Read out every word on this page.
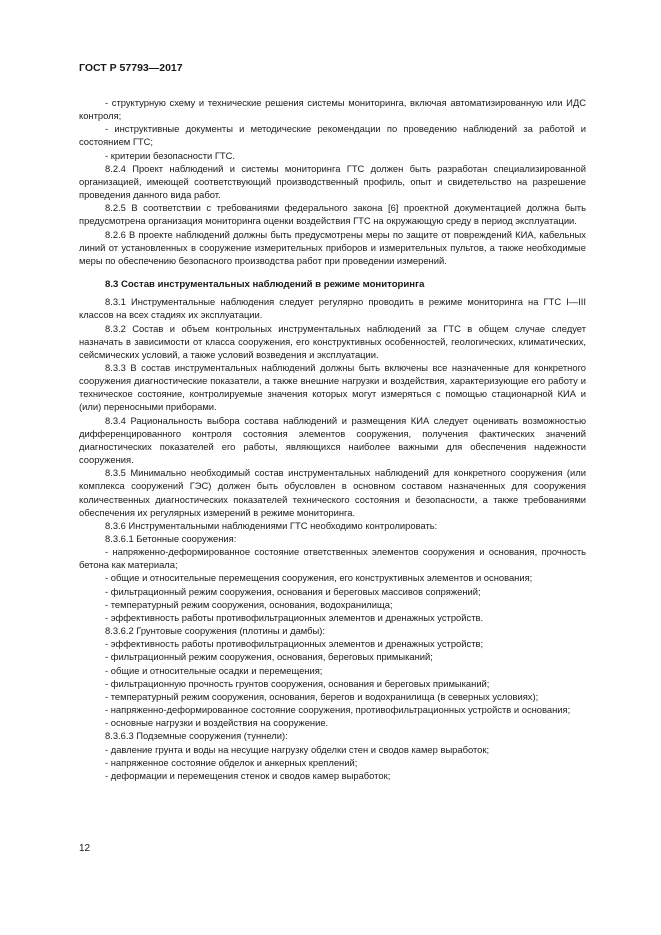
ГОСТ Р 57793—2017

- структурную схему и технические решения системы мониторинга, включая автоматизированную или ИДС контроля;

- инструктивные документы и методические рекомендации по проведению наблюдений за работой и состоянием ГТС;

- критерии безопасности ГТС.

8.2.4 Проект наблюдений и системы мониторинга ГТС должен быть разработан специализированной организацией, имеющей соответствующий производственный профиль, опыт и свидетельство на разрешение проведения данного вида работ.

8.2.5 В соответствии с требованиями федерального закона [6] проектной документацией должна быть предусмотрена организация мониторинга оценки воздействия ГТС на окружающую среду в период эксплуатации.

8.2.6 В проекте наблюдений должны быть предусмотрены меры по защите от повреждений КИА, кабельных линий от установленных в сооружение измерительных приборов и измерительных пультов, а также необходимые меры по обеспечению безопасного производства работ при проведении измерений.

8.3 Состав инструментальных наблюдений в режиме мониторинга

8.3.1 Инструментальные наблюдения следует регулярно проводить в режиме мониторинга на ГТС I—III классов на всех стадиях их эксплуатации.

8.3.2 Состав и объем контрольных инструментальных наблюдений за ГТС в общем случае следует назначать в зависимости от класса сооружения, его конструктивных особенностей, геологических, климатических, сейсмических условий, а также условий возведения и эксплуатации.

8.3.3 В состав инструментальных наблюдений должны быть включены все назначенные для конкретного сооружения диагностические показатели, а также внешние нагрузки и воздействия, характеризующие его работу и техническое состояние, контролируемые значения которых могут измеряться с помощью стационарной КИА и (или) переносными приборами.

8.3.4 Рациональность выбора состава наблюдений и размещения КИА следует оценивать возможностью дифференцированного контроля состояния элементов сооружения, получения фактических значений диагностических показателей его работы, являющихся наиболее важными для обеспечения надежности сооружения.

8.3.5 Минимально необходимый состав инструментальных наблюдений для конкретного сооружения (или комплекса сооружений ГЭС) должен быть обусловлен в основном составом назначенных для сооружения количественных диагностических показателей технического состояния и безопасности, а также требованиями обеспечения их регулярных измерений в режиме мониторинга.

8.3.6 Инструментальными наблюдениями ГТС необходимо контролировать:

8.3.6.1 Бетонные сооружения:

- напряженно-деформированное состояние ответственных элементов сооружения и основания, прочность бетона как материала;

- общие и относительные перемещения сооружения, его конструктивных элементов и основания;

- фильтрационный режим сооружения, основания и береговых массивов сопряжений;

- температурный режим сооружения, основания, водохранилища;

- эффективность работы противофильтрационных элементов и дренажных устройств.

8.3.6.2 Грунтовые сооружения (плотины и дамбы):

- эффективность работы противофильтрационных элементов и дренажных устройств;

- фильтрационный режим сооружения, основания, береговых примыканий;

- общие и относительные осадки и перемещения;

- фильтрационную прочность грунтов сооружения, основания и береговых примыканий;

- температурный режим сооружения, основания, берегов и водохранилища (в северных условиях);

- напряженно-деформированное состояние сооружения, противофильтрационных устройств и основания;

- основные нагрузки и воздействия на сооружение.

8.3.6.3 Подземные сооружения (туннели):

- давление грунта и воды на несущие нагрузку обделки стен и сводов камер выработок;

- напряженное состояние обделок и анкерных креплений;

- деформации и перемещения стенок и сводов камер выработок;

12
